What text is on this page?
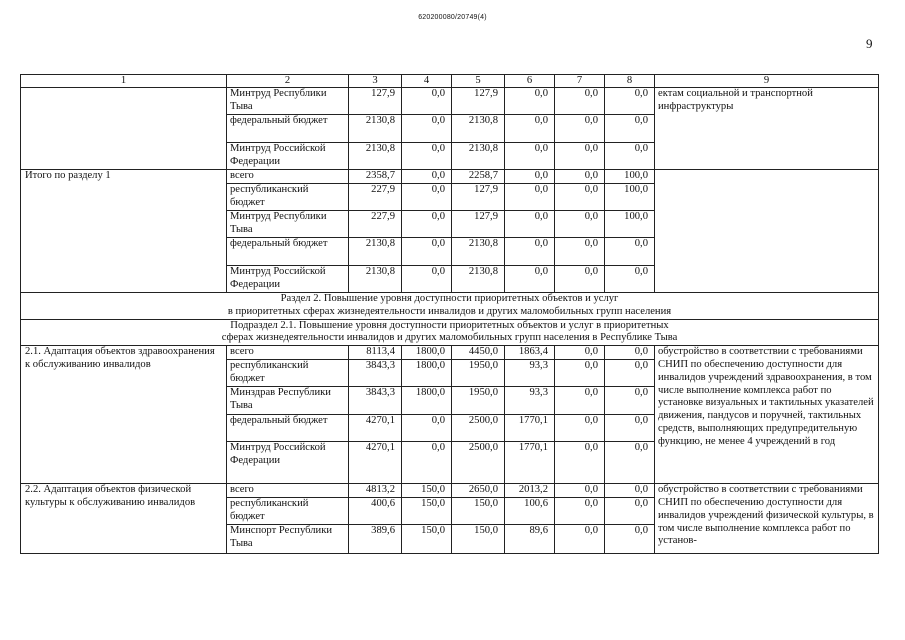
620200080/20749(4)
9
1	2	3	4	5	6	7	8	9
	Минтруд Республики Тыва	127,9	0,0	127,9	0,0	0,0	0,0	ектам социальной и транспортной инфраструктуры
	федеральный бюджет	2130,8	0,0	2130,8	0,0	0,0	0,0	
	Минтруд Российской Федерации	2130,8	0,0	2130,8	0,0	0,0	0,0	
Итого по разделу 1	всего	2358,7	0,0	2258,7	0,0	0,0	100,0	
	республиканский бюджет	227,9	0,0	127,9	0,0	0,0	100,0	
	Минтруд Республики Тыва	227,9	0,0	127,9	0,0	0,0	100,0	
	федеральный бюджет	2130,8	0,0	2130,8	0,0	0,0	0,0	
	Минтруд Российской Федерации	2130,8	0,0	2130,8	0,0	0,0	0,0	

Раздел 2. Повышение уровня доступности приоритетных объектов и услуг
в приоритетных сферах жизнедеятельности инвалидов и других маломобильных групп населения								

Подраздел 2.1. Повышение уровня доступности приоритетных объектов и услуг в приоритетных
сферах жизнедеятельности инвалидов и других маломобильных групп населения в Республике Тыва								

2.1. Адаптация объектов здравоохранения к обслуживанию инвалидов	всего	8113,4	1800,0	4450,0	1863,4	0,0	0,0	обустройство в соответствии с требованиями СНИП по обеспечению доступности для инвалидов учреждений здравоохранения, в том числе выполнение комплекса работ по установке визуальных и тактильных указателей движения, пандусов и поручней, тактильных средств, выполняющих предупредительную функцию, не менее 4 учреждений в год
	республиканский бюджет	3843,3	1800,0	1950,0	93,3	0,0	0,0	
	Минздрав Республики Тыва	3843,3	1800,0	1950,0	93,3	0,0	0,0	
	федеральный бюджет	4270,1	0,0	2500,0	1770,1	0,0	0,0	
	Минтруд Российской Федерации	4270,1	0,0	2500,0	1770,1	0,0	0,0	
2.2. Адаптация объектов физической культуры к обслуживанию инвалидов	всего	4813,2	150,0	2650,0	2013,2	0,0	0,0	обустройство в соответствии с требованиями СНИП по обеспечению доступности для инвалидов учреждений физической культуры, в том числе выполнение комплекса работ по установ-
	республиканский бюджет	400,6	150,0	150,0	100,6	0,0	0,0	
	Минспорт Республики Тыва	389,6	150,0	150,0	89,6	0,0	0,0	
